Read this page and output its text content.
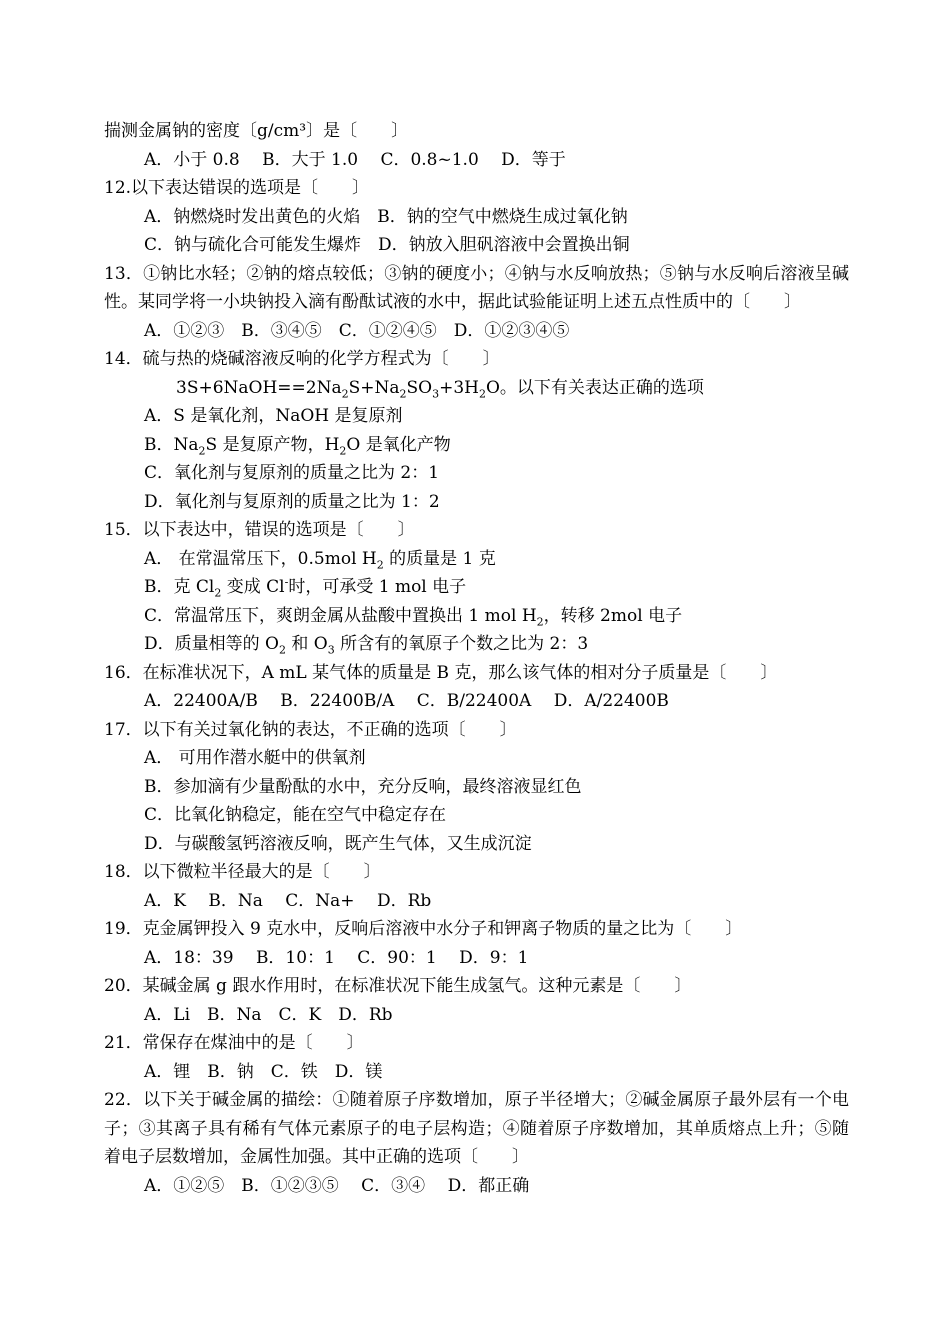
揣测金属钠的密度〔g/cm³〕是〔　　〕
A．小于 0.8　 B．大于 1.0　 C．0.8~1.0　 D．等于
12.以下表达错误的选项是〔　　〕
A．钠燃烧时发出黄色的火焰　B．钠的空气中燃烧生成过氧化钠
C．钠与硫化合可能发生爆炸　D．钠放入胆矾溶液中会置换出铜
13．①钠比水轻；②钠的熔点较低；③钠的硬度小；④钠与水反响放热；⑤钠与水反响后溶液呈碱性。某同学将一小块钠投入滴有酚酞试液的水中，据此试验能证明上述五点性质中的〔　　〕
A．①②③　B．③④⑤　C．①②④⑤　D．①②③④⑤
14．硫与热的烧碱溶液反响的化学方程式为〔　　〕
$3S+6NaOH==2Na_2S+Na_2SO_3+3H_2O$。以下有关表达正确的选项
A．S 是氧化剂，NaOH 是复原剂
B．$Na_2S$ 是复原产物，$H_2O$ 是氧化产物
C．氧化剂与复原剂的质量之比为 2：1
D．氧化剂与复原剂的质量之比为 1：2
15．以下表达中，错误的选项是〔　　〕
A． 在常温常压下，0.5mol $H_2$ 的质量是 1 克
B．克 $Cl_2$ 变成 Cl-时，可承受 1 mol 电子
C．常温常压下，爽朗金属从盐酸中置换出 1 mol $H_2$，转移 2mol 电子
D．质量相等的 $O_2$ 和 $O_3$ 所含有的氧原子个数之比为 2：3
16．在标准状况下，A mL 某气体的质量是 B 克，那么该气体的相对分子质量是〔　　〕
A．22400A/B　 B．22400B/A　 C．B/22400A　 D．A/22400B
17．以下有关过氧化钠的表达，不正确的选项〔　　〕
A． 可用作潜水艇中的供氧剂
B．参加滴有少量酚酞的水中，充分反响，最终溶液显红色
C．比氧化钠稳定，能在空气中稳定存在
D．与碳酸氢钙溶液反响，既产生气体，又生成沉淀
18．以下微粒半径最大的是〔　　〕
A．K　 B．Na　 C．Na+　 D．Rb
19．克金属钾投入 9 克水中，反响后溶液中水分子和钾离子物质的量之比为〔　　〕
A．18：39　 B．10：1　 C．90：1　 D．9：1
20．某碱金属 g 跟水作用时，在标准状况下能生成氢气。这种元素是〔　　〕
A．Li　B．Na　C．K　D．Rb
21．常保存在煤油中的是〔　　〕
A．锂　B．钠　C．铁　D．镁
22．以下关于碱金属的描绘：①随着原子序数增加，原子半径增大；②碱金属原子最外层有一个电子；③其离子具有稀有气体元素原子的电子层构造；④随着原子序数增加，其单质熔点上升；⑤随着电子层数增加，金属性加强。其中正确的选项〔　　〕
A．①②⑤　B．①②③⑤　 C．③④　 D．都正确
